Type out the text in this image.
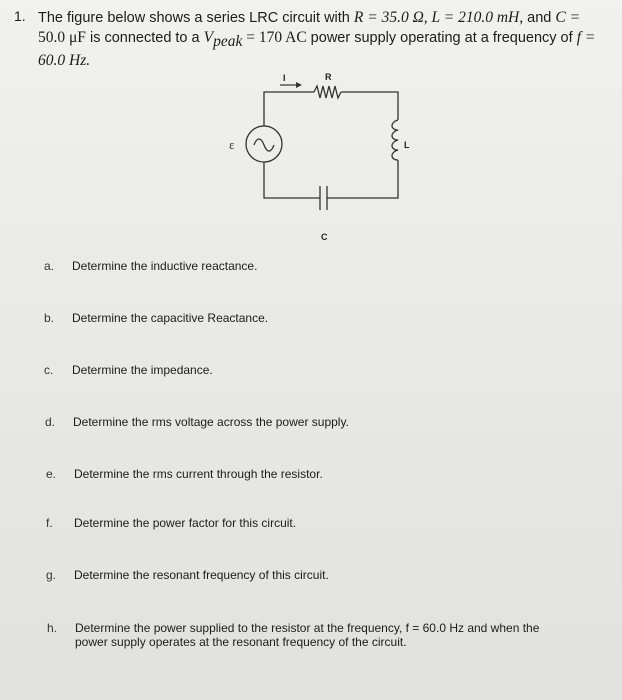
1. The figure below shows a series LRC circuit with R = 35.0 Ω, L = 210.0 mH, and C =
50.0 μF is connected to a $V_{peak} = 170$ AC power supply operating at a frequency of f =
60.0 Hz.
I	R
L
C
ε
a. Determine the inductive reactance.
b. Determine the capacitive Reactance.
c. Determine the impedance.
d. Determine the rms voltage across the power supply.
e. Determine the rms current through the resistor.
f. Determine the power factor for this circuit.
g. Determine the resonant frequency of this circuit.
h. Determine the power supplied to the resistor at the frequency, f = 60.0 Hz and when the power supply operates at the resonant frequency of the circuit.
